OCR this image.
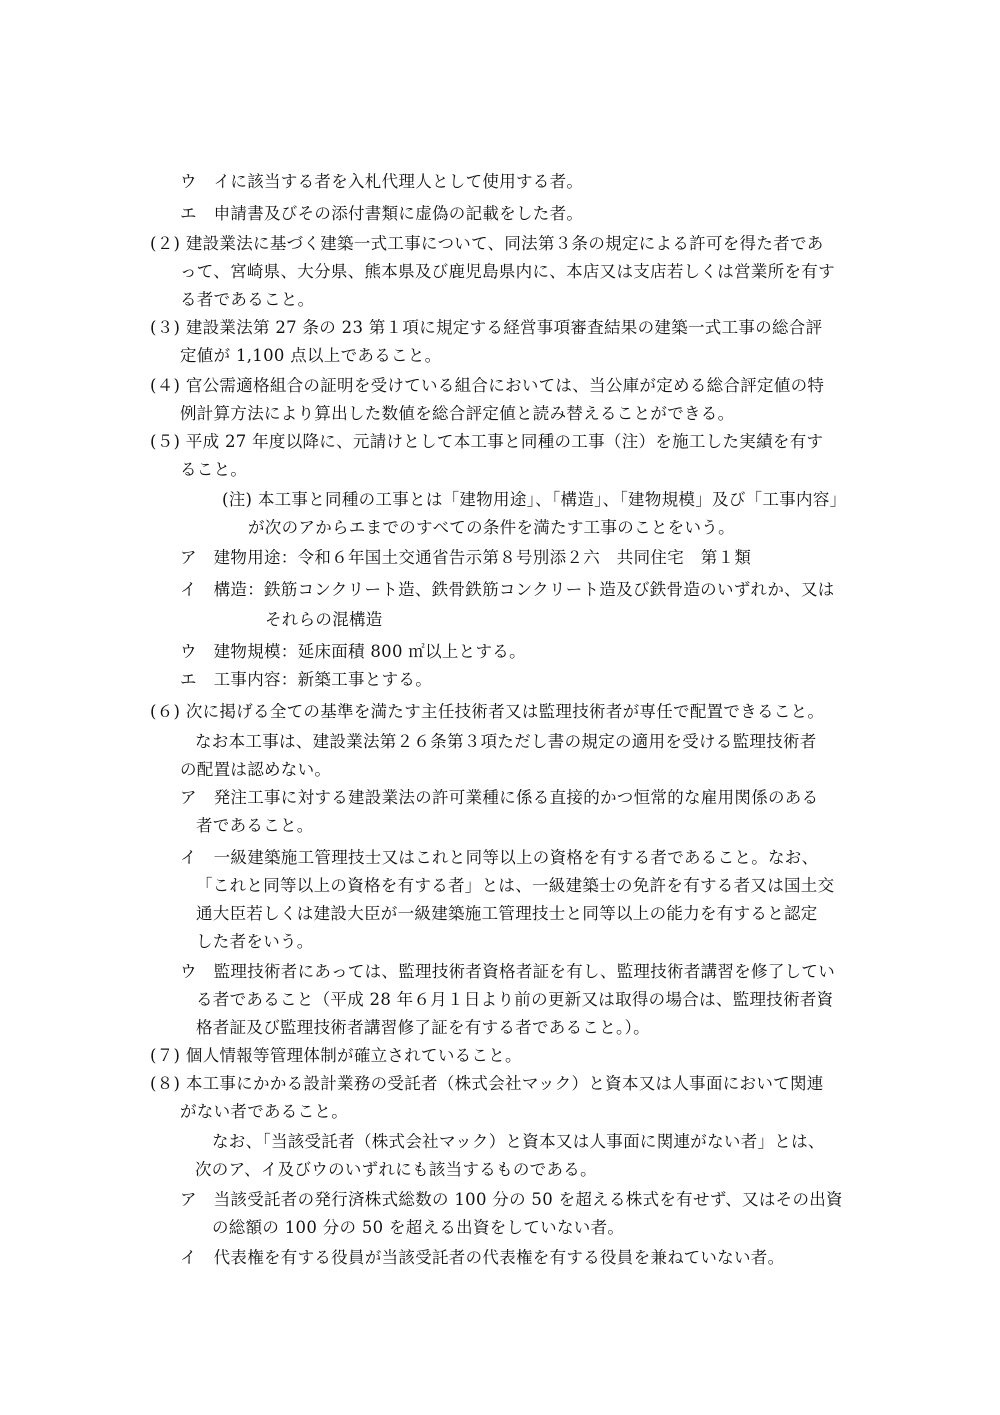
ウ　イに該当する者を入札代理人として使用する者。
エ　申請書及びその添付書類に虚偽の記載をした者。
(２) 建設業法に基づく建築一式工事について、同法第３条の規定による許可を得た者であ
って、宮崎県、大分県、熊本県及び鹿児島県内に、本店又は支店若しくは営業所を有す
る者であること。
(３) 建設業法第 27 条の 23 第１項に規定する経営事項審査結果の建築一式工事の総合評
定値が 1,100 点以上であること。
(４) 官公需適格組合の証明を受けている組合においては、当公庫が定める総合評定値の特
例計算方法により算出した数値を総合評定値と読み替えることができる。
(５) 平成 27 年度以降に、元請けとして本工事と同種の工事（注）を施工した実績を有す
ること。
(注) 本工事と同種の工事とは「建物用途」、「構造」、「建物規模」及び「工事内容」
が次のアからエまでのすべての条件を満たす工事のことをいう。
ア　建物用途：令和６年国土交通省告示第８号別添２六　共同住宅　第１類
イ　構造：鉄筋コンクリート造、鉄骨鉄筋コンクリート造及び鉄骨造のいずれか、又は
それらの混構造
ウ　建物規模：延床面積 800 ㎡以上とする。
エ　工事内容：新築工事とする。
(６) 次に掲げる全ての基準を満たす主任技術者又は監理技術者が専任で配置できること。
なお本工事は、建設業法第２６条第３項ただし書の規定の適用を受ける監理技術者
の配置は認めない。
ア　発注工事に対する建設業法の許可業種に係る直接的かつ恒常的な雇用関係のある
者であること。
イ　一級建築施工管理技士又はこれと同等以上の資格を有する者であること。なお、
「これと同等以上の資格を有する者」とは、一級建築士の免許を有する者又は国土交
通大臣若しくは建設大臣が一級建築施工管理技士と同等以上の能力を有すると認定
した者をいう。
ウ　監理技術者にあっては、監理技術者資格者証を有し、監理技術者講習を修了してい
る者であること（平成 28 年６月１日より前の更新又は取得の場合は、監理技術者資
格者証及び監理技術者講習修了証を有する者であること。）。
(７) 個人情報等管理体制が確立されていること。
(８) 本工事にかかる設計業務の受託者（株式会社マック）と資本又は人事面において関連
がない者であること。
なお、「当該受託者（株式会社マック）と資本又は人事面に関連がない者」とは、
次のア、イ及びウのいずれにも該当するものである。
ア　当該受託者の発行済株式総数の 100 分の 50 を超える株式を有せず、又はその出資
の総額の 100 分の 50 を超える出資をしていない者。
イ　代表権を有する役員が当該受託者の代表権を有する役員を兼ねていない者。
